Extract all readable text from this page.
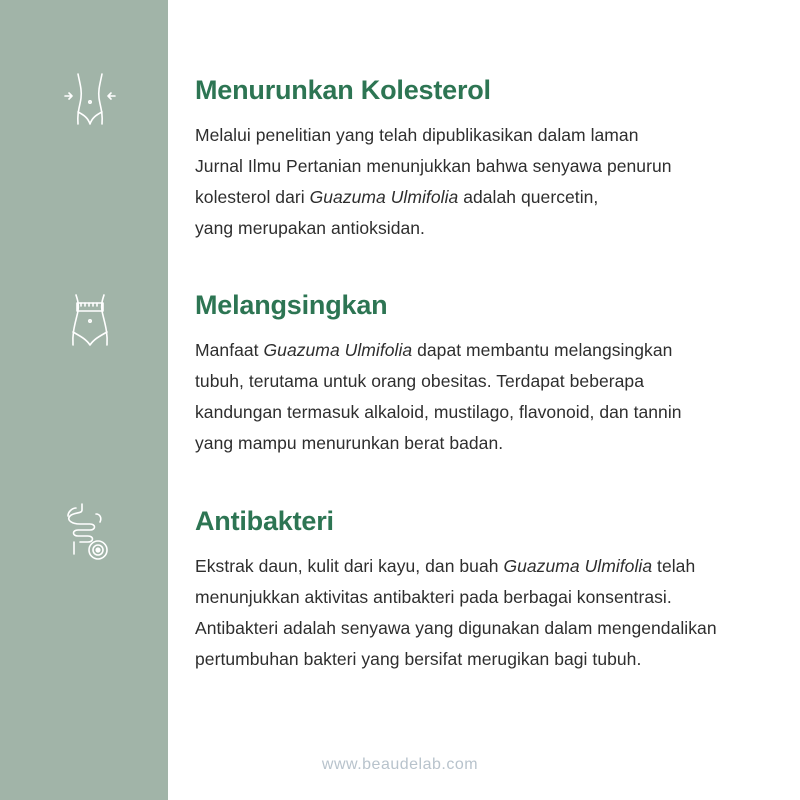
Menurunkan Kolesterol

Melalui penelitian yang telah dipublikasikan dalam laman
Jurnal Ilmu Pertanian menunjukkan bahwa senyawa penurun
kolesterol dari Guazuma Ulmifolia adalah quercetin,
yang merupakan antioksidan.

Melangsingkan

Manfaat Guazuma Ulmifolia dapat membantu melangsingkan
tubuh, terutama untuk orang obesitas. Terdapat beberapa
kandungan termasuk alkaloid, mustilago, flavonoid, dan tannin
yang mampu menurunkan berat badan.

Antibakteri

Ekstrak daun, kulit dari kayu, dan buah Guazuma Ulmifolia telah
menunjukkan aktivitas antibakteri pada berbagai konsentrasi.
Antibakteri adalah senyawa yang digunakan dalam mengendalikan
pertumbuhan bakteri yang bersifat merugikan bagi tubuh.

www.beaudelab.com
